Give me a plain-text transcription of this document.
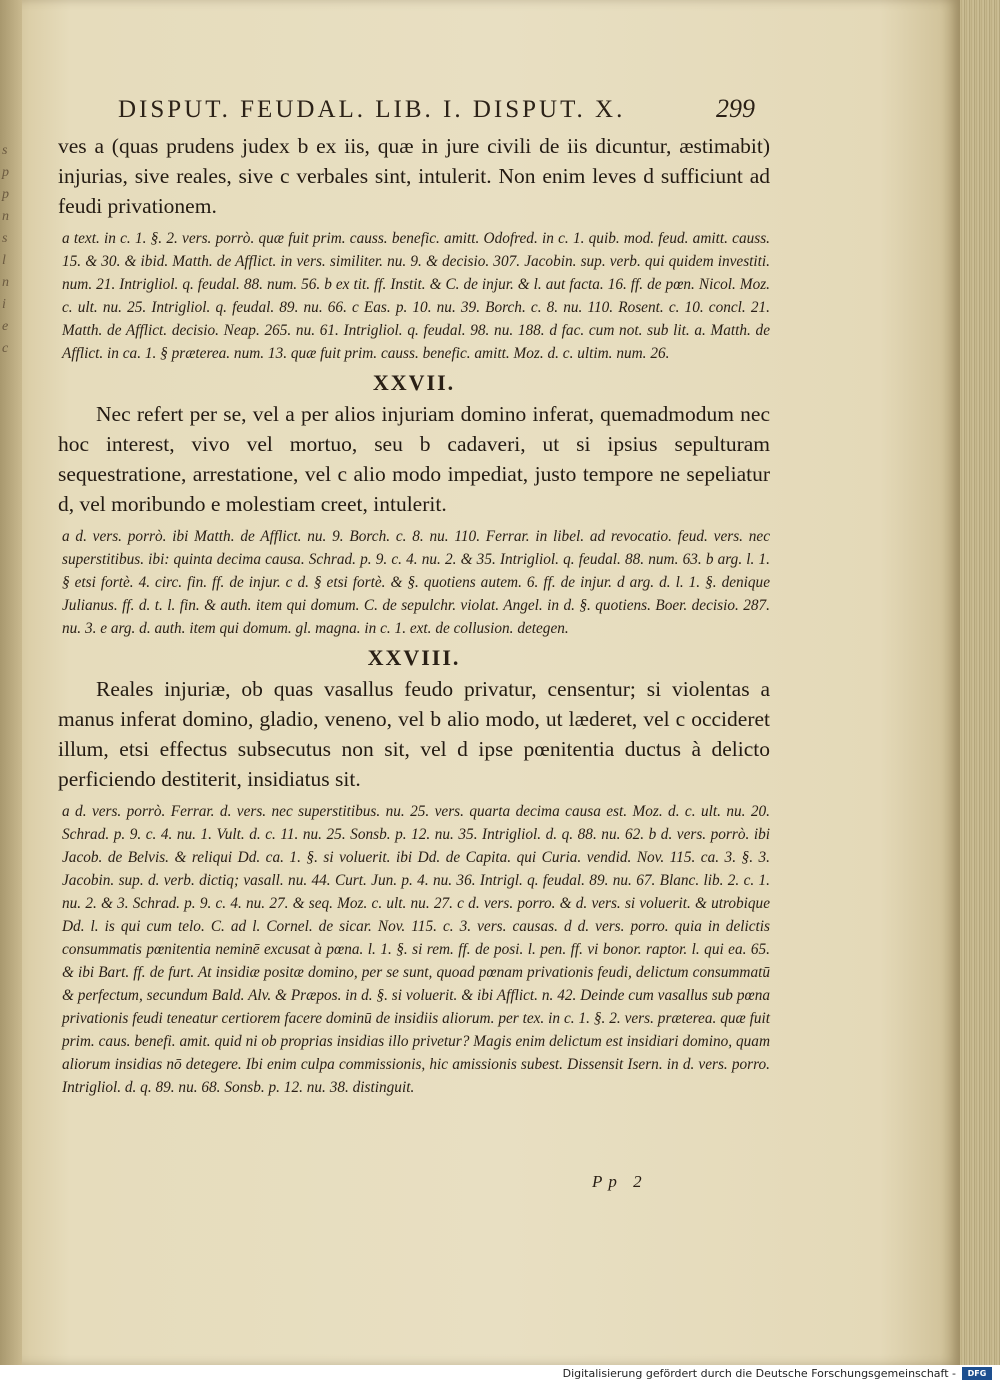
s
p
p
n
s
l
n
i
e
c
DISPUT. FEUDAL. LIB. I. DISPUT. X.	299

ves a (quas prudens judex b ex iis, quæ in jure civili de iis dicuntur, æstimabit) injurias, sive reales, sive c verbales sint, intulerit. Non enim leves d sufficiunt ad feudi privationem.

a text. in c. 1. §. 2. vers. porrò. quæ fuit prim. causs. benefic. amitt. Odofred. in c. 1. quib. mod. feud. amitt. causs. 15. & 30. & ibid. Matth. de Afflict. in vers. similiter. nu. 9. & decisio. 307. Jacobin. sup. verb. qui quidem investiti. num. 21. Intrigliol. q. feudal. 88. num. 56. b ex tit. ff. Instit. & C. de injur. & l. aut facta. 16. ff. de pœn. Nicol. Moz. c. ult. nu. 25. Intrigliol. q. feudal. 89. nu. 66. c Eas. p. 10. nu. 39. Borch. c. 8. nu. 110. Rosent. c. 10. concl. 21. Matth. de Afflict. decisio. Neap. 265. nu. 61. Intrigliol. q. feudal. 98. nu. 188. d fac. cum not. sub lit. a. Matth. de Afflict. in ca. 1. § præterea. num. 13. quæ fuit prim. causs. benefic. amitt. Moz. d. c. ultim. num. 26.

XXVII.

Nec refert per se, vel a per alios injuriam domino inferat, quemadmodum nec hoc interest, vivo vel mortuo, seu b cadaveri, ut si ipsius sepulturam sequestratione, arrestatione, vel c alio modo impediat, justo tempore ne sepeliatur d, vel moribundo e molestiam creet, intulerit.

a d. vers. porrò. ibi Matth. de Afflict. nu. 9. Borch. c. 8. nu. 110. Ferrar. in libel. ad revocatio. feud. vers. nec superstitibus. ibi: quinta decima causa. Schrad. p. 9. c. 4. nu. 2. & 35. Intrigliol. q. feudal. 88. num. 63. b arg. l. 1. § etsi fortè. 4. circ. fin. ff. de injur. c d. § etsi fortè. & §. quotiens autem. 6. ff. de injur. d arg. d. l. 1. §. denique Julianus. ff. d. t. l. fin. & auth. item qui domum. C. de sepulchr. violat. Angel. in d. §. quotiens. Boer. decisio. 287. nu. 3. e arg. d. auth. item qui domum. gl. magna. in c. 1. ext. de collusion. detegen.

XXVIII.

Reales injuriæ, ob quas vasallus feudo privatur, censentur; si violentas a manus inferat domino, gladio, veneno, vel b alio modo, ut læderet, vel c occideret illum, etsi effectus subsecutus non sit, vel d ipse pœnitentia ductus à delicto perficiendo destiterit, insidiatus sit.

a d. vers. porrò. Ferrar. d. vers. nec superstitibus. nu. 25. vers. quarta decima causa est. Moz. d. c. ult. nu. 20. Schrad. p. 9. c. 4. nu. 1. Vult. d. c. 11. nu. 25. Sonsb. p. 12. nu. 35. Intrigliol. d. q. 88. nu. 62. b d. vers. porrò. ibi Jacob. de Belvis. & reliqui Dd. ca. 1. §. si voluerit. ibi Dd. de Capita. qui Curia. vendid. Nov. 115. ca. 3. §. 3. Jacobin. sup. d. verb. dictiq; vasall. nu. 44. Curt. Jun. p. 4. nu. 36. Intrigl. q. feudal. 89. nu. 67. Blanc. lib. 2. c. 1. nu. 2. & 3. Schrad. p. 9. c. 4. nu. 27. & seq. Moz. c. ult. nu. 27. c d. vers. porro. & d. vers. si voluerit. & utrobique Dd. l. is qui cum telo. C. ad l. Cornel. de sicar. Nov. 115. c. 3. vers. causas. d d. vers. porro. quia in delictis consummatis pœnitentia neminē excusat à pœna. l. 1. §. si rem. ff. de posi. l. pen. ff. vi bonor. raptor. l. qui ea. 65. & ibi Bart. ff. de furt. At insidiæ positæ domino, per se sunt, quoad pœnam privationis feudi, delictum consummatū & perfectum, secundum Bald. Alv. & Præpos. in d. §. si voluerit. & ibi Afflict. n. 42. Deinde cum vasallus sub pœna privationis feudi teneatur certiorem facere dominū de insidiis aliorum. per tex. in c. 1. §. 2. vers. præterea. quæ fuit prim. caus. benefi. amit. quid ni ob proprias insidias illo privetur? Magis enim delictum est insidiari domino, quam aliorum insidias nō detegere. Ibi enim culpa commissionis, hic amissionis subest. Dissensit Isern. in d. vers. porro. Intrigliol. d. q. 89. nu. 68. Sonsb. p. 12. nu. 38. distinguit.

Pp 2
Digitalisierung gefördert durch die Deutsche Forschungsgemeinschaft -	DFG
